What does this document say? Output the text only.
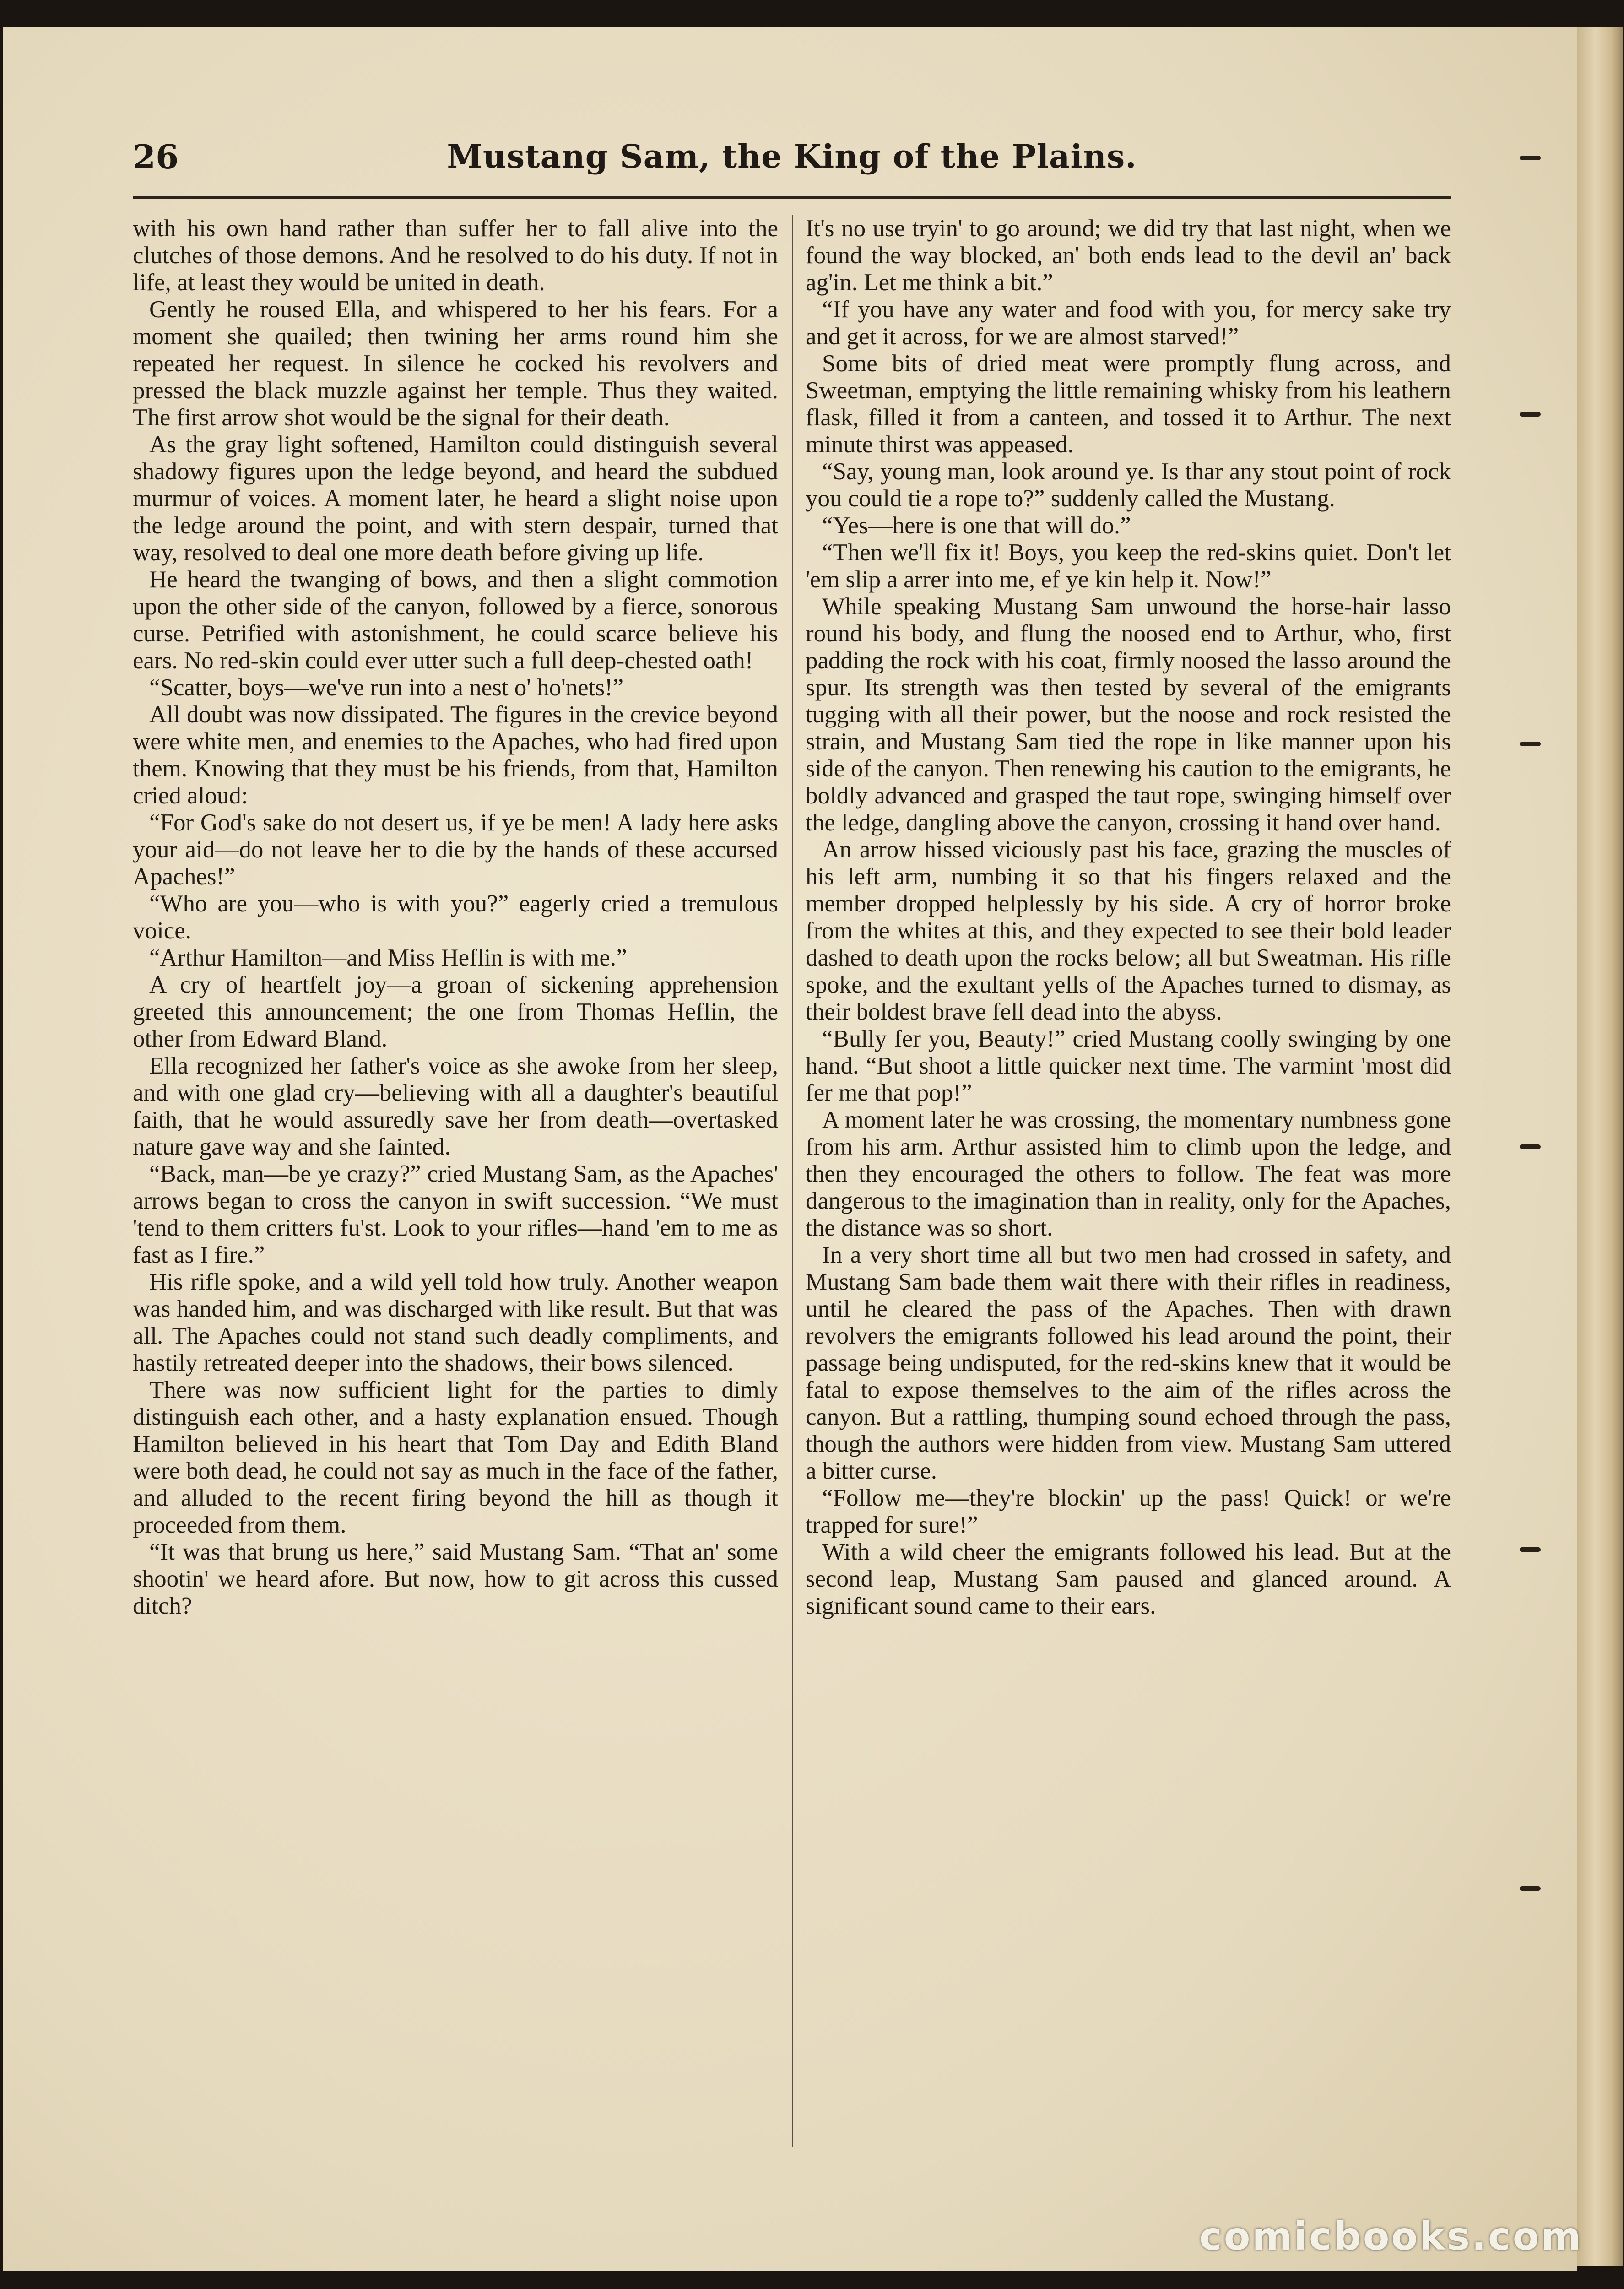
26	Mustang Sam, the King of the Plains.

with his own hand rather than suffer her to fall alive into the clutches of those demons. And he resolved to do his duty. If not in life, at least they would be united in death.

Gently he roused Ella, and whispered to her his fears. For a moment she quailed; then twining her arms round him she repeated her request. In silence he cocked his revolvers and pressed the black muzzle against her temple. Thus they waited. The first arrow shot would be the signal for their death.

As the gray light softened, Hamilton could distinguish several shadowy figures upon the ledge beyond, and heard the subdued murmur of voices. A moment later, he heard a slight noise upon the ledge around the point, and with stern despair, turned that way, resolved to deal one more death before giving up life.

He heard the twanging of bows, and then a slight commotion upon the other side of the canyon, followed by a fierce, sonorous curse. Petrified with astonishment, he could scarce believe his ears. No red-skin could ever utter such a full deep-chested oath!

“Scatter, boys—we've run into a nest o' ho'nets!”

All doubt was now dissipated. The figures in the crevice beyond were white men, and enemies to the Apaches, who had fired upon them. Knowing that they must be his friends, from that, Hamilton cried aloud:

“For God's sake do not desert us, if ye be men! A lady here asks your aid—do not leave her to die by the hands of these accursed Apaches!”

“Who are you—who is with you?” eagerly cried a tremulous voice.

“Arthur Hamilton—and Miss Heflin is with me.”

A cry of heartfelt joy—a groan of sickening apprehension greeted this announcement; the one from Thomas Heflin, the other from Edward Bland.

Ella recognized her father's voice as she awoke from her sleep, and with one glad cry—believing with all a daughter's beautiful faith, that he would assuredly save her from death—overtasked nature gave way and she fainted.

“Back, man—be ye crazy?” cried Mustang Sam, as the Apaches' arrows began to cross the canyon in swift succession. “We must 'tend to them critters fu'st. Look to your rifles—hand 'em to me as fast as I fire.”

His rifle spoke, and a wild yell told how truly. Another weapon was handed him, and was discharged with like result. But that was all. The Apaches could not stand such deadly compliments, and hastily retreated deeper into the shadows, their bows silenced.

There was now sufficient light for the parties to dimly distinguish each other, and a hasty explanation ensued. Though Hamilton believed in his heart that Tom Day and Edith Bland were both dead, he could not say as much in the face of the father, and alluded to the recent firing beyond the hill as though it proceeded from them.

“It was that brung us here,” said Mustang Sam. “That an' some shootin' we heard afore. But now, how to git across this cussed ditch?

It's no use tryin' to go around; we did try that last night, when we found the way blocked, an' both ends lead to the devil an' back ag'in. Let me think a bit.”

“If you have any water and food with you, for mercy sake try and get it across, for we are almost starved!”

Some bits of dried meat were promptly flung across, and Sweetman, emptying the little remaining whisky from his leathern flask, filled it from a canteen, and tossed it to Arthur. The next minute thirst was appeased.

“Say, young man, look around ye. Is thar any stout point of rock you could tie a rope to?” suddenly called the Mustang.

“Yes—here is one that will do.”

“Then we'll fix it! Boys, you keep the red-skins quiet. Don't let 'em slip a arrer into me, ef ye kin help it. Now!”

While speaking Mustang Sam unwound the horse-hair lasso round his body, and flung the noosed end to Arthur, who, first padding the rock with his coat, firmly noosed the lasso around the spur. Its strength was then tested by several of the emigrants tugging with all their power, but the noose and rock resisted the strain, and Mustang Sam tied the rope in like manner upon his side of the canyon. Then renewing his caution to the emigrants, he boldly advanced and grasped the taut rope, swinging himself over the ledge, dangling above the canyon, crossing it hand over hand.

An arrow hissed viciously past his face, grazing the muscles of his left arm, numbing it so that his fingers relaxed and the member dropped helplessly by his side. A cry of horror broke from the whites at this, and they expected to see their bold leader dashed to death upon the rocks below; all but Sweatman. His rifle spoke, and the exultant yells of the Apaches turned to dismay, as their boldest brave fell dead into the abyss.

“Bully fer you, Beauty!” cried Mustang coolly swinging by one hand. “But shoot a little quicker next time. The varmint 'most did fer me that pop!”

A moment later he was crossing, the momentary numbness gone from his arm. Arthur assisted him to climb upon the ledge, and then they encouraged the others to follow. The feat was more dangerous to the imagination than in reality, only for the Apaches, the distance was so short.

In a very short time all but two men had crossed in safety, and Mustang Sam bade them wait there with their rifles in readiness, until he cleared the pass of the Apaches. Then with drawn revolvers the emigrants followed his lead around the point, their passage being undisputed, for the red-skins knew that it would be fatal to expose themselves to the aim of the rifles across the canyon. But a rattling, thumping sound echoed through the pass, though the authors were hidden from view. Mustang Sam uttered a bitter curse.

“Follow me—they're blockin' up the pass! Quick! or we're trapped for sure!”

With a wild cheer the emigrants followed his lead. But at the second leap, Mustang Sam paused and glanced around. A significant sound came to their ears.

comicbooks.com
